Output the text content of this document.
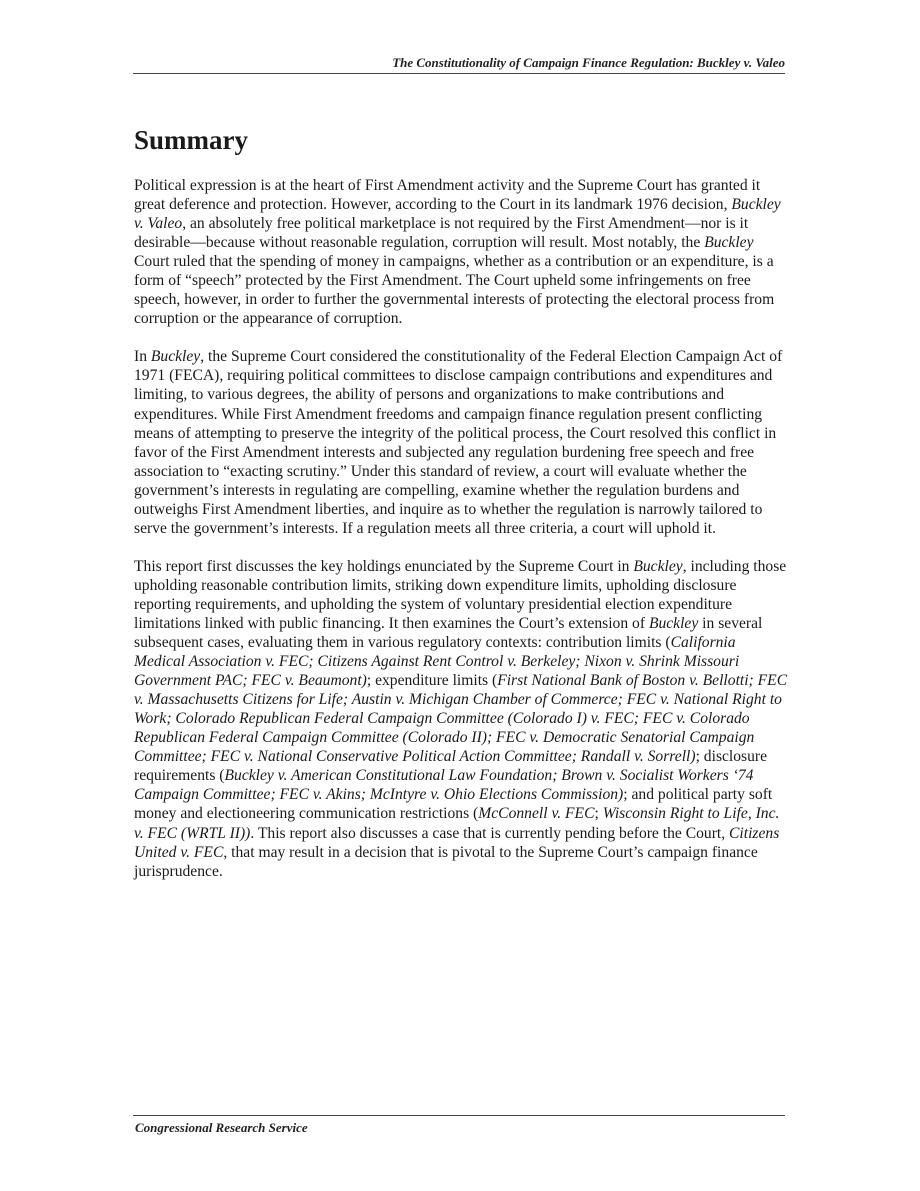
The Constitutionality of Campaign Finance Regulation: Buckley v. Valeo
Summary

Political expression is at the heart of First Amendment activity and the Supreme Court has granted it great deference and protection. However, according to the Court in its landmark 1976 decision, Buckley v. Valeo, an absolutely free political marketplace is not required by the First Amendment—nor is it desirable—because without reasonable regulation, corruption will result. Most notably, the Buckley Court ruled that the spending of money in campaigns, whether as a contribution or an expenditure, is a form of “speech” protected by the First Amendment. The Court upheld some infringements on free speech, however, in order to further the governmental interests of protecting the electoral process from corruption or the appearance of corruption.

In Buckley, the Supreme Court considered the constitutionality of the Federal Election Campaign Act of 1971 (FECA), requiring political committees to disclose campaign contributions and expenditures and limiting, to various degrees, the ability of persons and organizations to make contributions and expenditures. While First Amendment freedoms and campaign finance regulation present conflicting means of attempting to preserve the integrity of the political process, the Court resolved this conflict in favor of the First Amendment interests and subjected any regulation burdening free speech and free association to “exacting scrutiny.” Under this standard of review, a court will evaluate whether the government’s interests in regulating are compelling, examine whether the regulation burdens and outweighs First Amendment liberties, and inquire as to whether the regulation is narrowly tailored to serve the government’s interests. If a regulation meets all three criteria, a court will uphold it.

This report first discusses the key holdings enunciated by the Supreme Court in Buckley, including those upholding reasonable contribution limits, striking down expenditure limits, upholding disclosure reporting requirements, and upholding the system of voluntary presidential election expenditure limitations linked with public financing. It then examines the Court’s extension of Buckley in several subsequent cases, evaluating them in various regulatory contexts: contribution limits (California Medical Association v. FEC; Citizens Against Rent Control v. Berkeley; Nixon v. Shrink Missouri Government PAC; FEC v. Beaumont); expenditure limits (First National Bank of Boston v. Bellotti; FEC v. Massachusetts Citizens for Life; Austin v. Michigan Chamber of Commerce; FEC v. National Right to Work; Colorado Republican Federal Campaign Committee (Colorado I) v. FEC; FEC v. Colorado Republican Federal Campaign Committee (Colorado II); FEC v. Democratic Senatorial Campaign Committee; FEC v. National Conservative Political Action Committee; Randall v. Sorrell); disclosure requirements (Buckley v. American Constitutional Law Foundation; Brown v. Socialist Workers ‘74 Campaign Committee; FEC v. Akins; McIntyre v. Ohio Elections Commission); and political party soft money and electioneering communication restrictions (McConnell v. FEC; Wisconsin Right to Life, Inc. v. FEC (WRTL II)). This report also discusses a case that is currently pending before the Court, Citizens United v. FEC, that may result in a decision that is pivotal to the Supreme Court’s campaign finance jurisprudence.

Congressional Research Service
